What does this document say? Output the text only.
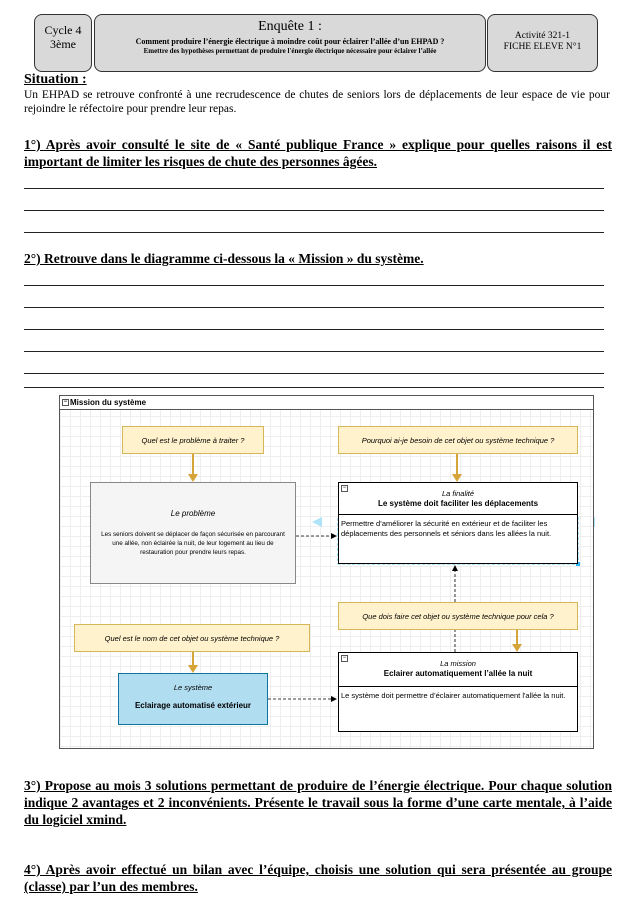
Cycle 4
3ème
Enquête 1 :
Comment produire l’énergie électrique à moindre coût pour éclairer l’allée d’un EHPAD ?
Emettre des hypothèses permettant de produire l'énergie électrique nécessaire pour éclairer l’allée
Activité 321-1
FICHE ELEVE N°1
Situation :
Un EHPAD se retrouve confronté à une recrudescence de chutes de seniors lors de déplacements de leur espace de vie pour rejoindre le réfectoire pour prendre leur repas.
1°) Après avoir consulté le site de « Santé publique France » explique pour quelles raisons il est important de limiter les risques de chute des personnes âgées.
2°) Retrouve dans le diagramme ci-dessous la « Mission » du système.
− Mission du système
Quel est le problème à traiter ?	Pourquoi ai-je besoin de cet objet ou système technique ?
Que dois faire cet objet ou système technique pour cela ?
Quel est le nom de cet objet ou système technique ?
Le problème
Les seniors doivent se déplacer de façon sécurisée en parcourant une allée, non éclairée la nuit, de leur logement au lieu de restauration pour prendre leurs repas.
−
La finalité
Le système doit faciliter les déplacements
Permettre d’améliorer la sécurité en extérieur et de faciliter les déplacements des personnels et séniors dans les allées la nuit.
−
La mission
Eclairer automatiquement l’allée la nuit
Le système doit permettre d’éclairer automatiquement l'allée la nuit.
Le système
Eclairage automatisé extérieur
3°) Propose au mois 3 solutions permettant de produire de l’énergie électrique. Pour chaque solution indique 2 avantages et 2 inconvénients. Présente le travail sous la forme d’une carte mentale, à l’aide du logiciel xmind.
4°) Après avoir effectué un bilan avec l’équipe, choisis une solution qui sera présentée au groupe (classe) par l’un des membres.
